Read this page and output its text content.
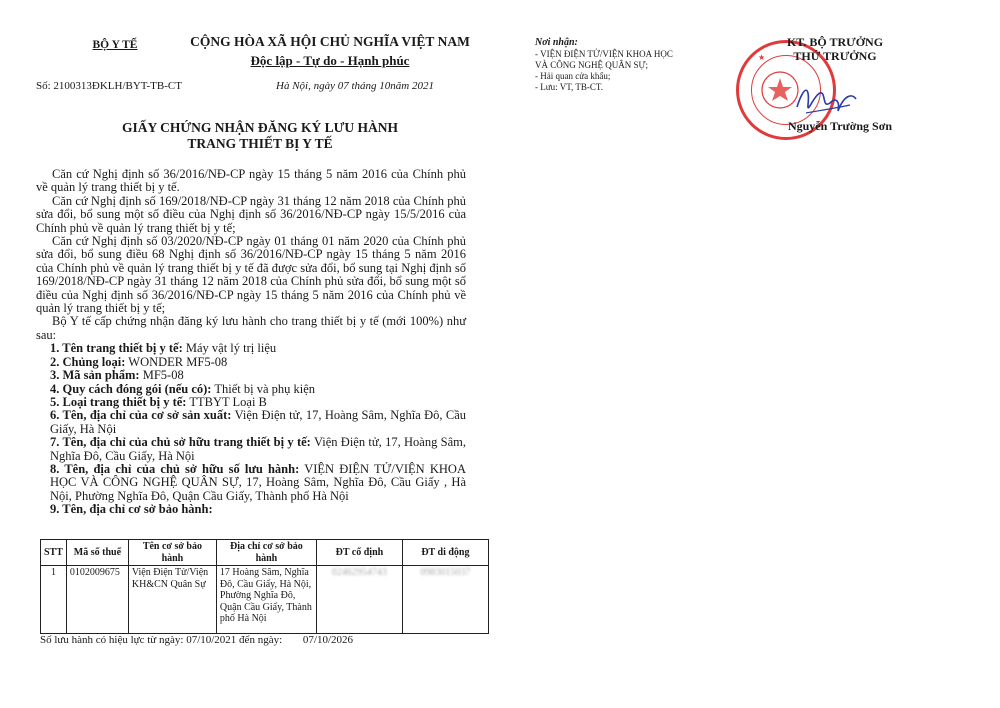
BỘ Y TẾ
Số: 2100313ĐKLH/BYT-TB-CT
CỘNG HÒA XÃ HỘI CHỦ NGHĨA VIỆT NAM
Độc lập - Tự do - Hạnh phúc
Hà Nội, ngày 07 tháng 10năm 2021
GIẤY CHỨNG NHẬN ĐĂNG KÝ LƯU HÀNH
TRANG THIẾT BỊ Y TẾ

Căn cứ Nghị định số 36/2016/NĐ-CP ngày 15 tháng 5 năm 2016 của Chính phủ về quản lý trang thiết bị y tế.

Căn cứ Nghị định số 169/2018/NĐ-CP ngày 31 tháng 12 năm 2018 của Chính phủ sửa đổi, bổ sung một số điều của Nghị định số 36/2016/NĐ-CP ngày 15/5/2016 của Chính phủ về quản lý trang thiết bị y tế;

Căn cứ Nghị định số 03/2020/NĐ-CP ngày 01 tháng 01 năm 2020 của Chính phủ sửa đổi, bổ sung điều 68 Nghị định số 36/2016/NĐ-CP ngày 15 tháng 5 năm 2016 của Chính phủ về quản lý trang thiết bị y tế đã được sửa đổi, bổ sung tại Nghị định số 169/2018/NĐ-CP ngày 31 tháng 12 năm 2018 của Chính phủ sửa đổi, bổ sung một số điều của Nghị định số 36/2016/NĐ-CP ngày 15 tháng 5 năm 2016 của Chính phủ về quản lý trang thiết bị y tế;

Bộ Y tế cấp chứng nhận đăng ký lưu hành cho trang thiết bị y tế (mới 100%) như sau:

1. Tên trang thiết bị y tế: Máy vật lý trị liệu

2. Chủng loại: WONDER MF5-08

3. Mã sản phẩm: MF5-08

4. Quy cách đóng gói (nếu có): Thiết bị và phụ kiện

5. Loại trang thiết bị y tế: TTBYT Loại B

6. Tên, địa chỉ của cơ sở sản xuất: Viện Điện tử, 17, Hoàng Sâm, Nghĩa Đô, Cầu Giấy, Hà Nội

7. Tên, địa chỉ của chủ sở hữu trang thiết bị y tế: Viện Điện tử, 17, Hoàng Sâm, Nghĩa Đô, Cầu Giấy, Hà Nội

8. Tên, địa chỉ của chủ sở hữu số lưu hành: VIỆN ĐIỆN TỬ/VIỆN KHOA HỌC VÀ CÔNG NGHỆ QUÂN SỰ, 17, Hoàng Sâm, Nghĩa Đô, Cầu Giấy , Hà Nội, Phường Nghĩa Đô, Quận Cầu Giấy, Thành phố Hà Nội

9. Tên, địa chỉ cơ sở bảo hành:

STT	Mã số thuế	Tên cơ sở bảo hành	Địa chỉ cơ sở bảo hành	ĐT cố định	ĐT di động
1	0102009675	Viện Điện Tử/Viện KH&CN Quân Sự	17 Hoàng Sâm, Nghĩa Đô, Cầu Giấy, Hà Nội, Phường Nghĩa Đô, Quận Cầu Giấy, Thành phố Hà Nội	02462954743	0983015037
Số lưu hành có hiệu lực từ ngày: 07/10/2021 đến ngày: 07/10/2026
Nơi nhận:
- VIỆN ĐIỆN TỬ/VIỆN KHOA HỌC
VÀ CÔNG NGHỆ QUÂN SỰ;
- Hải quan cửa khẩu;
- Lưu: VT, TB-CT.
★
KT. BỘ TRƯỞNG
THỨ TRƯỞNG
Nguyễn Trường Sơn
